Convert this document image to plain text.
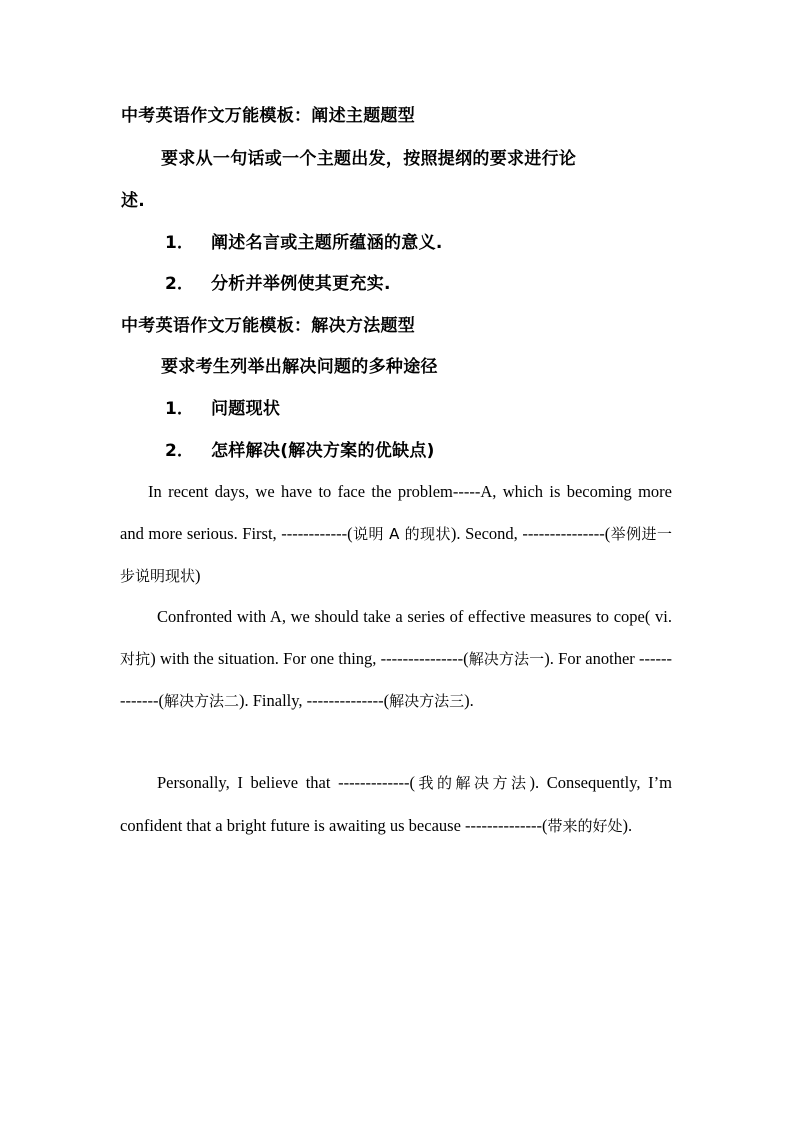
中考英语作文万能模板：阐述主题题型
要求从一句话或一个主题出发，按照提纲的要求进行论
述.
1． 阐述名言或主题所蕴涵的意义.
2． 分析并举例使其更充实.
中考英语作文万能模板：解决方法题型
要求考生列举出解决问题的多种途径
1． 问题现状
2． 怎样解决(解决方案的优缺点)

In recent days, we have to face the problem-----A, which is becoming more and more serious. First, ------------(说明 A 的现状). Second, ---------------(举例进一步说明现状)

Confronted with A, we should take a series of effective measures to cope( vi. 对抗) with the situation. For one thing, ---------------(解决方法一). For another -------------(解决方法二). Finally, --------------(解决方法三).

Personally, I believe that -------------(我的解决方法). Consequently, I’m confident that a bright future is awaiting us because --------------(带来的好处).
